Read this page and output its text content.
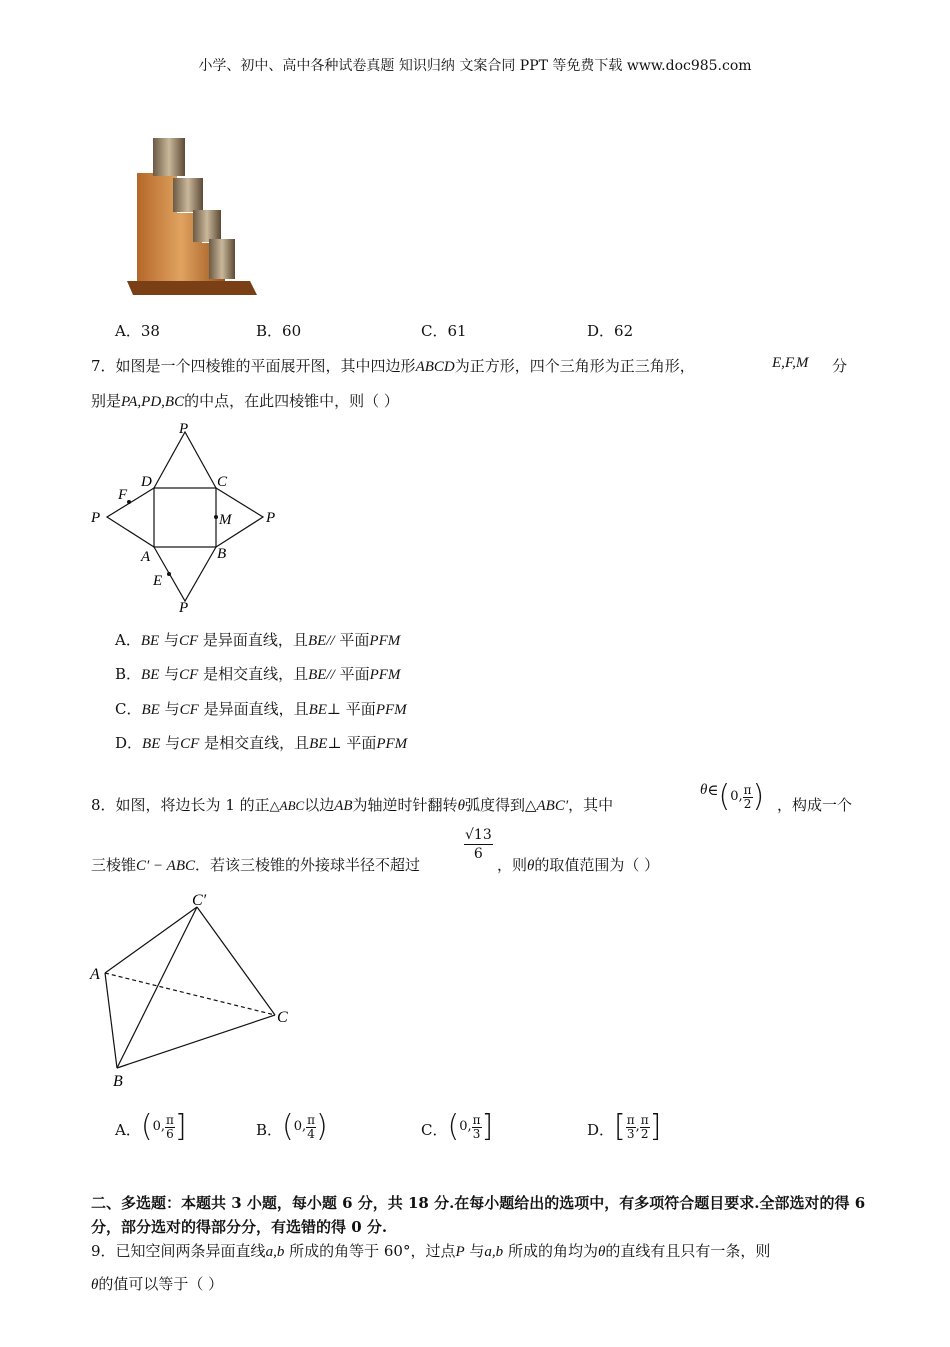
小学、初中、高中各种试卷真题 知识归纳 文案合同 PPT 等免费下载 www.doc985.com
A．38	B．60	C．61	D．62
7．如图是一个四棱锥的平面展开图，其中四边形ABCD为正方形，四个三角形为正三角形，	E,F,M 分
别是PA,PD,BC的中点，在此四棱锥中，则（ ）
P
D	C
F
P	M P
A	B
E
P
A．BE 与CF 是异面直线，且BE// 平面PFM
B．BE 与CF 是相交直线，且BE// 平面PFM
C．BE 与CF 是异面直线，且BE⊥ 平面PFM
D．BE 与CF 是相交直线，且BE⊥ 平面PFM
8．如图，将边长为 1 的正△ABC以边AB为轴逆时针翻转θ弧度得到△ABC′，其中
θ ∈ ( 0, $\frac{\pi}{2}$ ) ，构成一个
三棱锥C′ − ABC．若该三棱锥的外接球半径不超过
$\frac{√13}{6}$
，则θ的取值范围为（ ）
C′
A
C
B
A． ( 0, $\frac{\pi}{6}$ ]	B． ( 0, $\frac{\pi}{4}$ )	C． ( 0, $\frac{\pi}{3}$ ]	D． [ $\frac{\pi}{3}$ , $\frac{\pi}{2}$ ]
二、多选题：本题共 3 小题，每小题 6 分，共 18 分.在每小题给出的选项中，有多项符合题目要求.全部选对的得 6 分，部分选对的得部分分，有选错的得 0 分.
9．已知空间两条异面直线a,b 所成的角等于 60°，过点P 与a,b 所成的角均为θ的直线有且只有一条，则
θ的值可以等于（ ）
